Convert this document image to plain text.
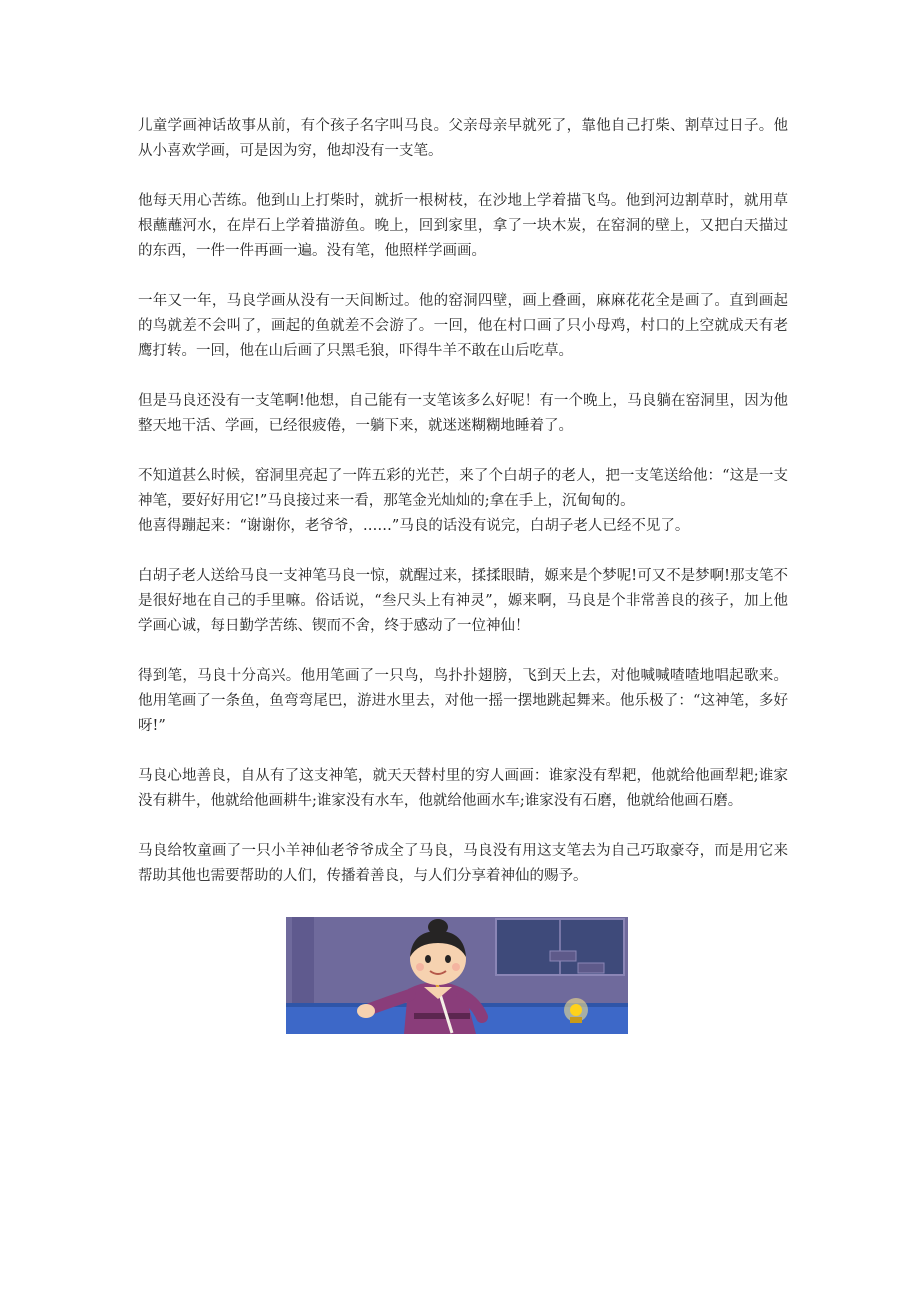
儿童学画神话故事从前，有个孩子名字叫马良。父亲母亲早就死了，靠他自己打柴、割草过日子。他从小喜欢学画，可是因为穷，他却没有一支笔。

他每天用心苦练。他到山上打柴时，就折一根树枝，在沙地上学着描飞鸟。他到河边割草时，就用草根蘸蘸河水，在岸石上学着描游鱼。晚上，回到家里，拿了一块木炭，在窑洞的壁上，又把白天描过的东西，一件一件再画一遍。没有笔，他照样学画画。

一年又一年，马良学画从没有一天间断过。他的窑洞四壁，画上叠画，麻麻花花全是画了。直到画起的鸟就差不会叫了，画起的鱼就差不会游了。一回，他在村口画了只小母鸡，村口的上空就成天有老鹰打转。一回，他在山后画了只黑毛狼，吓得牛羊不敢在山后吃草。

但是马良还没有一支笔啊!他想，自己能有一支笔该多么好呢！有一个晚上，马良躺在窑洞里，因为他整天地干活、学画，已经很疲倦，一躺下来，就迷迷糊糊地睡着了。

不知道甚么时候，窑洞里亮起了一阵五彩的光芒，来了个白胡子的老人，把一支笔送给他：“这是一支神笔，要好好用它!”马良接过来一看，那笔金光灿灿的;拿在手上，沉甸甸的。

他喜得蹦起来：“谢谢你，老爷爷，……”马良的话没有说完，白胡子老人已经不见了。

白胡子老人送给马良一支神笔马良一惊，就醒过来，揉揉眼睛，嫄来是个梦呢!可又不是梦啊!那支笔不是很好地在自己的手里嘛。俗话说，“叁尺头上有神灵”，嫄来啊，马良是个非常善良的孩子，加上他学画心诚，每日勤学苦练、锲而不舍，终于感动了一位神仙！

得到笔，马良十分高兴。他用笔画了一只鸟，鸟扑扑翅膀，飞到天上去，对他喊喊喳喳地唱起歌来。他用笔画了一条鱼，鱼弯弯尾巴，游进水里去，对他一摇一摆地跳起舞来。他乐极了：“这神笔，多好呀!”

马良心地善良，自从有了这支神笔，就天天替村里的穷人画画：谁家没有犁耙，他就给他画犁耙;谁家没有耕牛，他就给他画耕牛;谁家没有水车，他就给他画水车;谁家没有石磨，他就给他画石磨。

马良给牧童画了一只小羊神仙老爷爷成全了马良，马良没有用这支笔去为自己巧取豪夺，而是用它来帮助其他也需要帮助的人们，传播着善良，与人们分享着神仙的赐予。
